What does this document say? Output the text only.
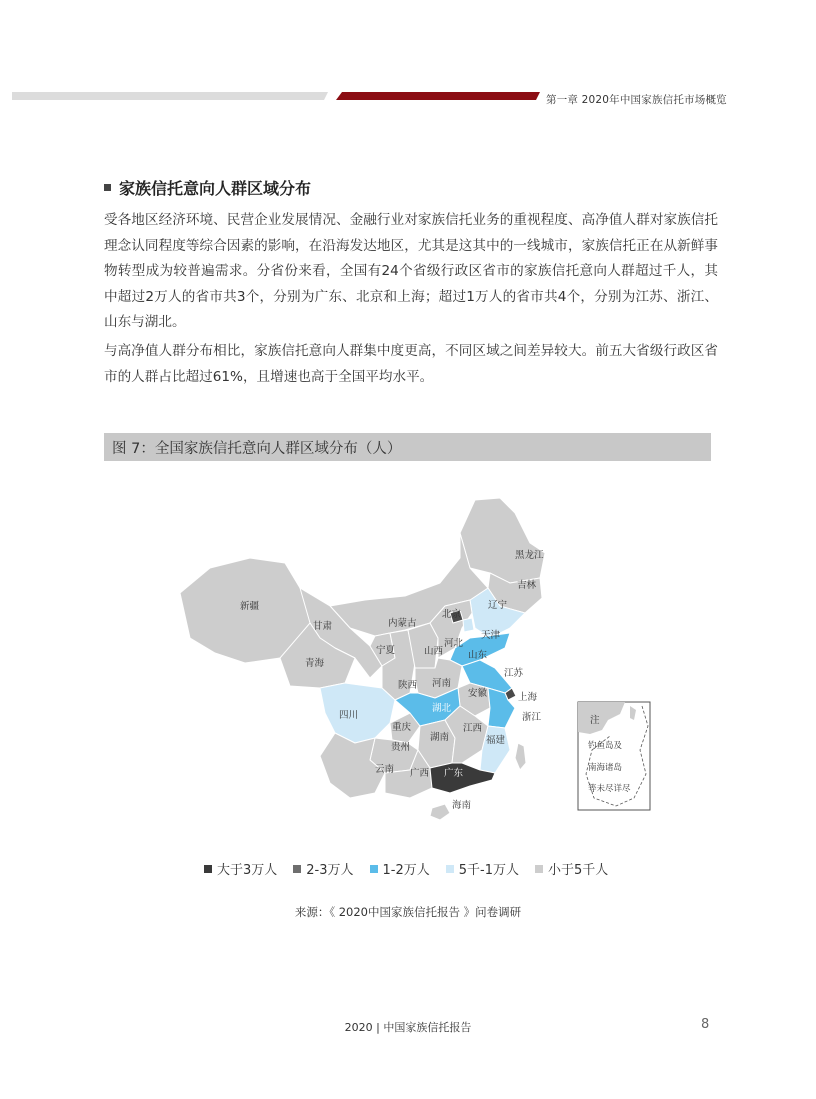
第一章 2020年中国家族信托市场概览
家族信托意向人群区域分布
受各地区经济环境、民营企业发展情况、金融行业对家族信托业务的重视程度、高净值人群对家族信托理念认同程度等综合因素的影响，在沿海发达地区，尤其是这其中的一线城市，家族信托正在从新鲜事物转型成为较普遍需求。分省份来看，全国有24个省级行政区省市的家族信托意向人群超过千人，其中超过2万人的省市共3个，分别为广东、北京和上海；超过1万人的省市共4个，分别为江苏、浙江、山东与湖北。
与高净值人群分布相比，家族信托意向人群集中度更高，不同区域之间差异较大。前五大省级行政区省市的人群占比超过61%，且增速也高于全国平均水平。
图 7：全国家族信托意向人群区域分布（人）
黑龙江
吉林
辽宁
新疆
内蒙古
北京
天津
甘肃
河北
青海
宁夏	山西	山东
江苏
河南
陕西
安徽	上海
四川
湖北
浙江
重庆	江西
湖南	福建
贵州
云南 广西 广东
海南
注
钓鱼岛及
南海诸岛
等未尽详尽
大于3万人 2-3万人 1-2万人 5千-1万人 小于5千人
来源：《 2020中国家族信托报告 》问卷调研
2020 | 中国家族信托报告	8
